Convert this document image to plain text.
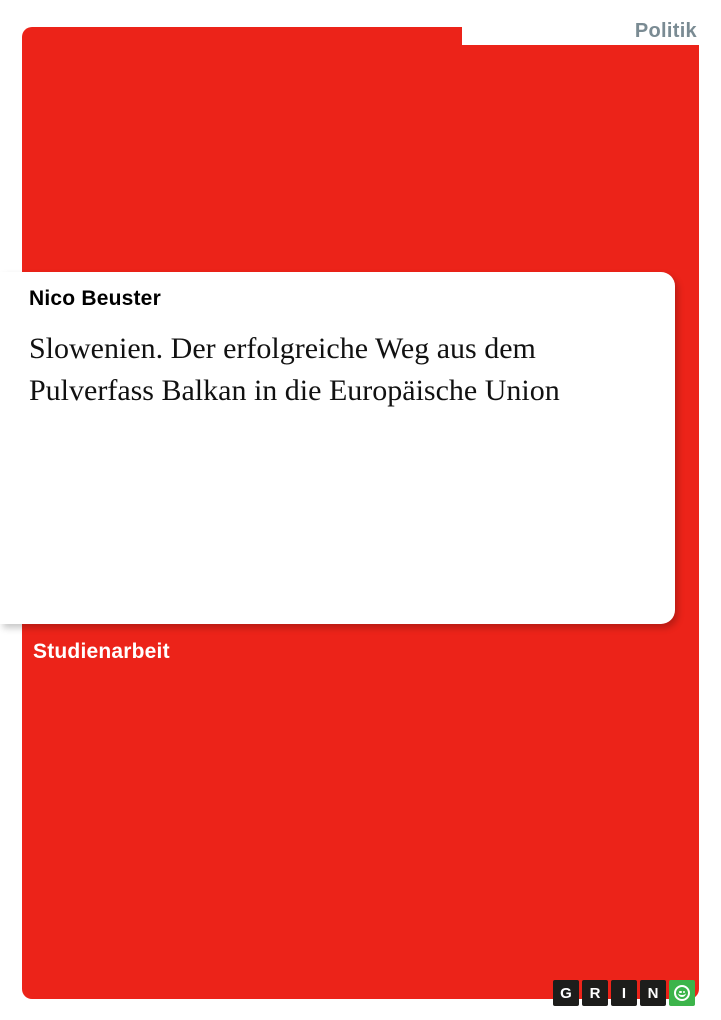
Politik
Nico Beuster
Slowenien. Der erfolgreiche Weg aus dem Pulverfass Balkan in die Europäische Union
Studienarbeit
G	R	I	N
